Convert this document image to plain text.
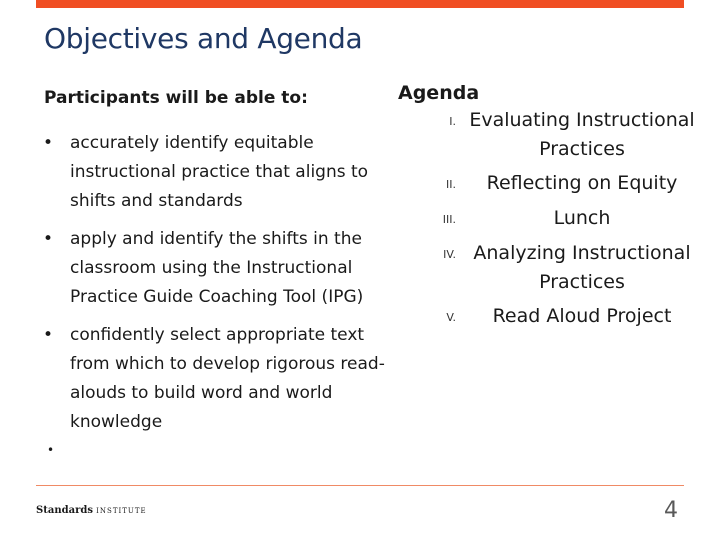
Objectives and Agenda
Participants will be able to:
• accurately identify equitable instructional practice that aligns to shifts and standards
• apply and identify the shifts in the classroom using the Instructional Practice Guide Coaching Tool (IPG)
• confidently select appropriate text from which to develop rigorous read-alouds to build word and world knowledge
•
Agenda
I. Evaluating Instructional Practices
II.	Reflecting on Equity
III.	Lunch
IV. Analyzing Instructional Practices
V.	Read Aloud Project
Standards INSTITUTE	4
